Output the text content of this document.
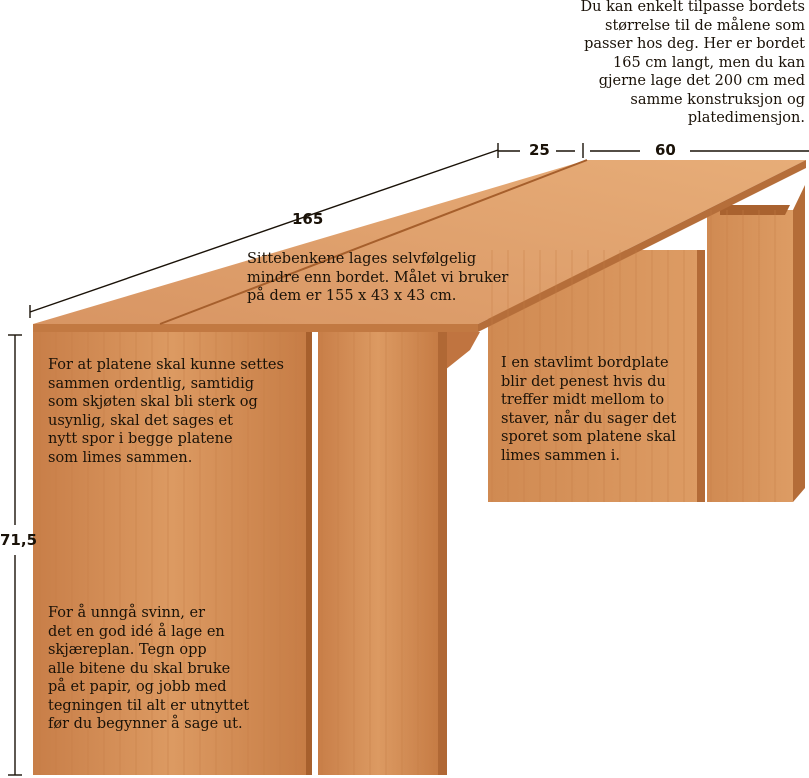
165
25	60
71,5
Du kan enkelt tilpasse bordets
størrelse til de målene som
passer hos deg. Her er bordet
165 cm langt, men du kan
gjerne lage det 200 cm med
samme konstruksjon og
platedimensjon.
Sittebenkene lages selvfølgelig
mindre enn bordet. Målet vi bruker
på dem er 155 x 43 x 43 cm.
For at platene skal kunne settes
sammen ordentlig, samtidig
som skjøten skal bli sterk og
usynlig, skal det sages et
nytt spor i begge platene
som limes sammen.
I en stavlimt bordplate
blir det penest hvis du
treffer midt mellom to
staver, når du sager det
sporet som platene skal
limes sammen i.
For å unngå svinn, er
det en god idé å lage en
skjæreplan. Tegn opp
alle bitene du skal bruke
på et papir, og jobb med
tegningen til alt er utnyttet
før du begynner å sage ut.
